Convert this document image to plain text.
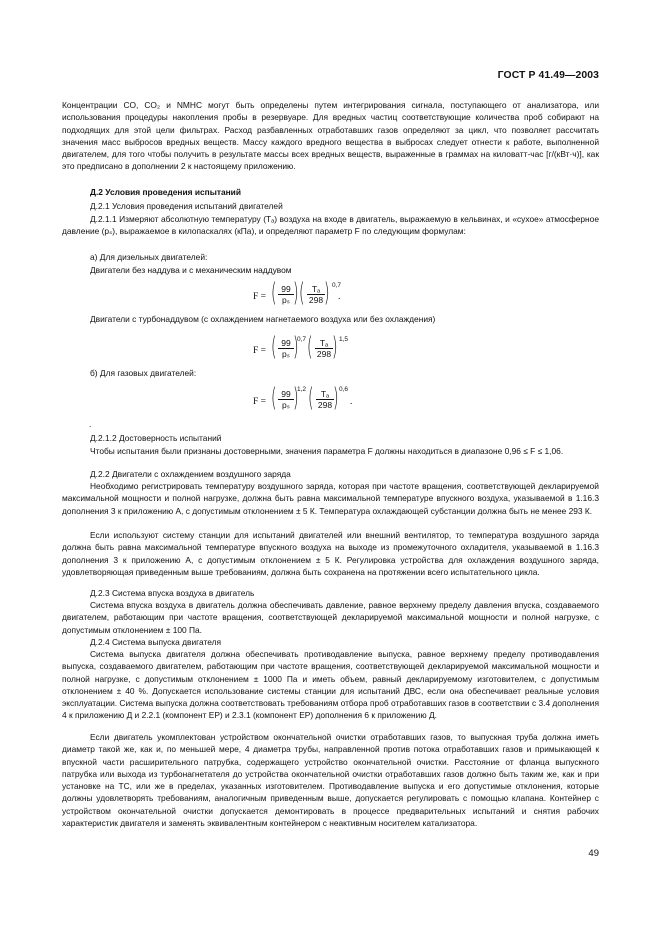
ГОСТ Р 41.49—2003

Концентрации CO, CO₂ и NMHC могут быть определены путем интегрирования сигнала, поступающего от анализатора, или использования процедуры накопления пробы в резервуаре. Для вредных частиц соответствующие количества проб собирают на подходящих для этой цели фильтрах. Расход разбавленных отработавших газов определяют за цикл, что позволяет рассчитать значения масс выбросов вредных веществ. Массу каждого вредного вещества в выбросах следует отнести к работе, выполненной двигателем, для того чтобы получить в результате массы всех вредных веществ, выраженные в граммах на киловатт-час [г/(кВт·ч)], как это предписано в дополнении 2 к настоящему приложению.

Д.2 Условия проведения испытаний

Д.2.1 Условия проведения испытаний двигателей

Д.2.1.1 Измеряют абсолютную температуру (Tₐ) воздуха на входе в двигатель, выражаемую в кельвинах, и «сухое» атмосферное давление (pₛ), выражаемое в килопаскалях (кПа), и определяют параметр F по следующим формулам:

а) Для дизельных двигателей:

Двигатели без наддува и с механическим наддувом

F = ( $\frac{99}{\text{pₛ}}$ ) ( $\frac{\text{Tₐ}}{298}$ ) 0,7
.

Двигатели с турбонаддувом (с охлаждением нагнетаемого воздуха или без охлаждения)

F = ( $\frac{99}{\text{pₛ}}$ )
0,7 ( $\frac{\text{Tₐ}}{298}$ ) 1,5

б) Для газовых двигателей:

F = ( $\frac{99}{\text{pₛ}}$ )
1,2 ( $\frac{\text{Tₐ}}{298}$ ) 0,6
.
.

Д.2.1.2 Достоверность испытаний

Чтобы испытания были признаны достоверными, значения параметра F должны находиться в диапазоне 0,96 ≤ F ≤ 1,06.

Д.2.2 Двигатели с охлаждением воздушного заряда

Необходимо регистрировать температуру воздушного заряда, которая при частоте вращения, соответствующей декларируемой максимальной мощности и полной нагрузке, должна быть равна максимальной температуре впускного воздуха, указываемой в 1.16.3 дополнения 3 к приложению А, с допустимым отклонением ± 5 К. Температура охлаждающей субстанции должна быть не менее 293 К.

Если используют систему станции для испытаний двигателей или внешний вентилятор, то температура воздушного заряда должна быть равна максимальной температуре впускного воздуха на выходе из промежуточного охладителя, указываемой в 1.16.3 дополнения 3 к приложению А, с допустимым отклонением ± 5 К. Регулировка устройства для охлаждения воздушного заряда, удовлетворяющая приведенным выше требованиям, должна быть сохранена на протяжении всего испытательного цикла.

Д.2.3 Система впуска воздуха в двигатель

Система впуска воздуха в двигатель должна обеспечивать давление, равное верхнему пределу давления впуска, создаваемого двигателем, работающим при частоте вращения, соответствующей декларируемой максимальной мощности и полной нагрузке, с допустимым отклонением ± 100 Па.

Д.2.4 Система выпуска двигателя

Система выпуска двигателя должна обеспечивать противодавление выпуска, равное верхнему пределу противодавления выпуска, создаваемого двигателем, работающим при частоте вращения, соответствующей декларируемой максимальной мощности и полной нагрузке, с допустимым отклонением ± 1000 Па и иметь объем, равный декларируемому изготовителем, с допустимым отклонением ± 40 %. Допускается использование системы станции для испытаний ДВС, если она обеспечивает реальные условия эксплуатации. Система выпуска должна соответствовать требованиям отбора проб отработавших газов в соответствии с 3.4 дополнения 4 к приложению Д и 2.2.1 (компонент EP) и 2.3.1 (компонент EP) дополнения 6 к приложению Д.

Если двигатель укомплектован устройством окончательной очистки отработавших газов, то выпускная труба должна иметь диаметр такой же, как и, по меньшей мере, 4 диаметра трубы, направленной против потока отработавших газов и примыкающей к впускной части расширительного патрубка, содержащего устройство окончательной очистки. Расстояние от фланца выпускного патрубка или выхода из турбонагнетателя до устройства окончательной очистки отработавших газов должно быть таким же, как и при установке на ТС, или же в пределах, указанных изготовителем. Противодавление выпуска и его допустимые отклонения, которые должны удовлетворять требованиям, аналогичным приведенным выше, допускается регулировать с помощью клапана. Контейнер с устройством окончательной очистки допускается демонтировать в процессе предварительных испытаний и снятия рабочих характеристик двигателя и заменять эквивалентным контейнером с неактивным носителем катализатора.

49
